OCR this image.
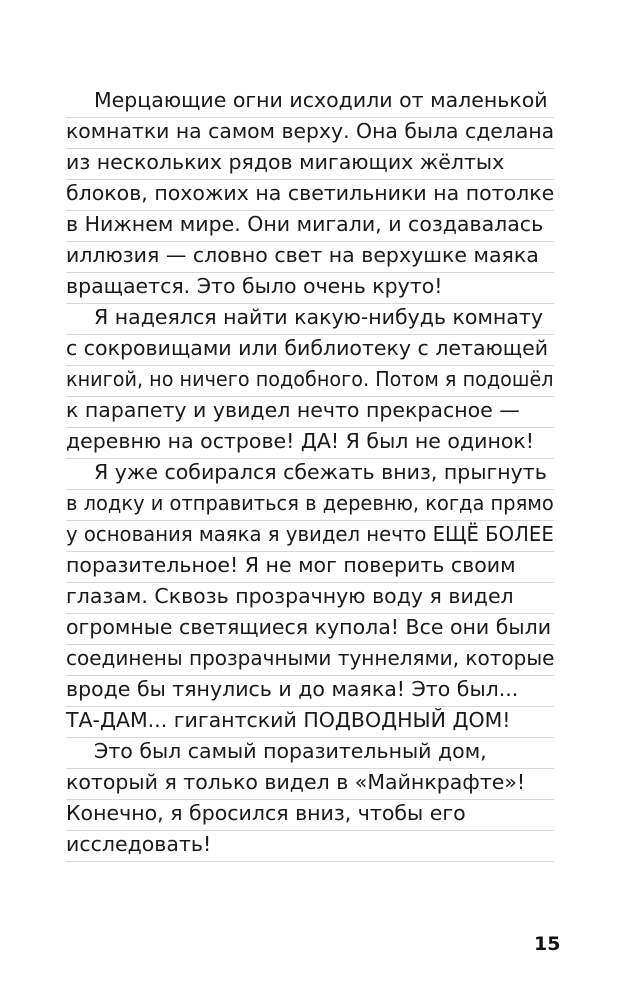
Мерцающие огни исходили от маленькой
комнатки на самом верху. Она была сделана
из нескольких рядов мигающих жёлтых
блоков, похожих на светильники на потолке
в Нижнем мире. Они мигали, и создавалась
иллюзия — словно свет на верхушке маяка
вращается. Это было очень круто!
Я надеялся найти какую-нибудь комнату
с сокровищами или библиотеку с летающей
книгой, но ничего подобного. Потом я подошёл
к парапету и увидел нечто прекрасное —
деревню на острове! ДА! Я был не одинок!
Я уже собирался сбежать вниз, прыгнуть
в лодку и отправиться в деревню, когда прямо
у основания маяка я увидел нечто ЕЩЁ БОЛЕЕ
поразительное! Я не мог поверить своим
глазам. Сквозь прозрачную воду я видел
огромные светящиеся купола! Все они были
соединены прозрачными туннелями, которые
вроде бы тянулись и до маяка! Это был...
ТА-ДАМ... гигантский ПОДВОДНЫЙ ДОМ!
Это был самый поразительный дом,
который я только видел в «Майнкрафте»!
Конечно, я бросился вниз, чтобы его
исследовать!
15
